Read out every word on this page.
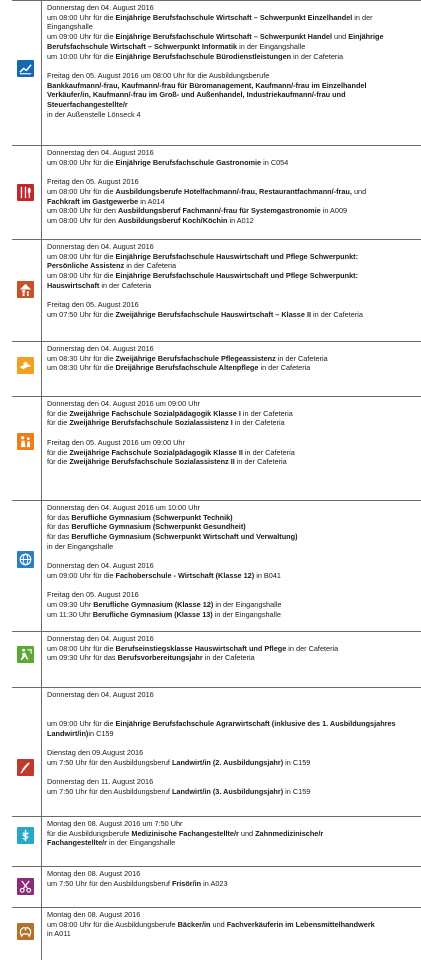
Donnerstag den 04. August 2016
um 08:00 Uhr für die Einjährige Berufsfachschule Wirtschaft – Schwerpunkt Einzelhandel in der
Eingangshalle
um 09:00 Uhr für die Einjährige Berufsfachschule Wirtschaft – Schwerpunkt Handel und Einjährige
Berufsfachschule Wirtschaft – Schwerpunkt Informatik in der Eingangshalle
um 10:00 Uhr für die Einjährige Berufsfachschule Bürodienstleistungen in der Cafeteria
Freitag den 05. August 2016 um 08:00 Uhr für die Ausbildungsberufe
Bankkaufmann/-frau, Kaufmann/-frau für Büromanagement, Kaufmann/-frau im Einzelhandel
Verkäufer/in, Kaufmann/-frau im Groß- und Außenhandel, Industriekaufmann/-frau und
Steuerfachangestellte/r
in der Außenstelle Lönseck 4
Donnerstag den 04. August 2016
um 08:00 Uhr für die Einjährige Berufsfachschule Gastronomie in C054
Freitag den 05. August 2016
um 08:00 Uhr für die Ausbildungsberufe Hotelfachmann/-frau, Restaurantfachmann/-frau, und
Fachkraft im Gastgewerbe in A014
um 08:00 Uhr für den Ausbildungsberuf Fachmann/-frau für Systemgastronomie in A009
um 08:00 Uhr für den Ausbildungsberuf Koch/Köchin in A012
Donnerstag den 04. August 2016
um 08:00 Uhr für die Einjährige Berufsfachschule Hauswirtschaft und Pflege Schwerpunkt:
Persönliche Assistenz in der Cafeteria
um 08:00 Uhr für die Einjährige Berufsfachschule Hauswirtschaft und Pflege Schwerpunkt:
Hauswirtschaft in der Cafeteria
Freitag den 05. August 2016
um 07:50 Uhr für die Zweijährige Berufsfachschule Hauswirtschaft – Klasse II in der Cafeteria
Donnerstag den 04. August 2016
um 08:30 Uhr für die Zweijährige Berufsfachschule Pflegeassistenz in der Cafeteria
um 08:30 Uhr für die Dreijährige Berufsfachschule Altenpflege in der Cafeteria
Donnerstag den 04. August 2016 um 09:00 Uhr
für die Zweijährige Fachschule Sozialpädagogik Klasse I in der Cafeteria
für die Zweijährige Berufsfachschule Sozialassistenz I in der Cafeteria
Freitag den 05. August 2016 um 09:00 Uhr
für die Zweijährige Fachschule Sozialpädagogik Klasse II in der Cafeteria
für die Zweijährige Berufsfachschule Sozialassistenz II in der Cafeteria
Donnerstag den 04. August 2016 um 10:00 Uhr
für das Berufliche Gymnasium (Schwerpunkt Technik)
für das Berufliche Gymnasium (Schwerpunkt Gesundheit)
für das Berufliche Gymnasium (Schwerpunkt Wirtschaft und Verwaltung)
in der Eingangshalle
Donnerstag den 04. August 2016
um 09:00 Uhr für die Fachoberschule - Wirtschaft (Klasse 12) in B041
Freitag den 05. August 2016
um 09:30 Uhr Berufliche Gymnasium (Klasse 12) in der Eingangshalle
um 11:30 Uhr Berufliche Gymnasium (Klasse 13) in der Eingangshalle
Donnerstag den 04. August 2016
um 08:00 Uhr für die Berufseinstiegsklasse Hauswirtschaft und Pflege in der Cafeteria
um 09:30 Uhr für das Berufsvorbereitungsjahr in der Cafeteria
Donnerstag den 04. August 2016
um 09:00 Uhr für die Einjährige Berufsfachschule Agrarwirtschaft (inklusive des 1. Ausbildungsjahres
Landwirt/in)in C159
Dienstag den 09.August 2016
um 7:50 Uhr für den Ausbildungsberuf Landwirt/in (2. Ausbildungsjahr) in C159
Donnerstag den 11. August 2016
um 7:50 Uhr für den Ausbildungsberuf Landwirt/in (3. Ausbildungsjahr) in C159
Montag den 08. August 2016 um 7:50 Uhr
für die Ausbildungsberufe Medizinische Fachangestellte/r und Zahnmedizinische/r
Fachangestellte/r in der Eingangshalle
Montag den 08. August 2016
um 7:50 Uhr für den Ausbildungsberuf Frisör/in in A023
Montag den 08. August 2016
um 08:00 Uhr für die Ausbildungsberufe Bäcker/in und Fachverkäuferin im Lebensmittelhandwerk
in A011
